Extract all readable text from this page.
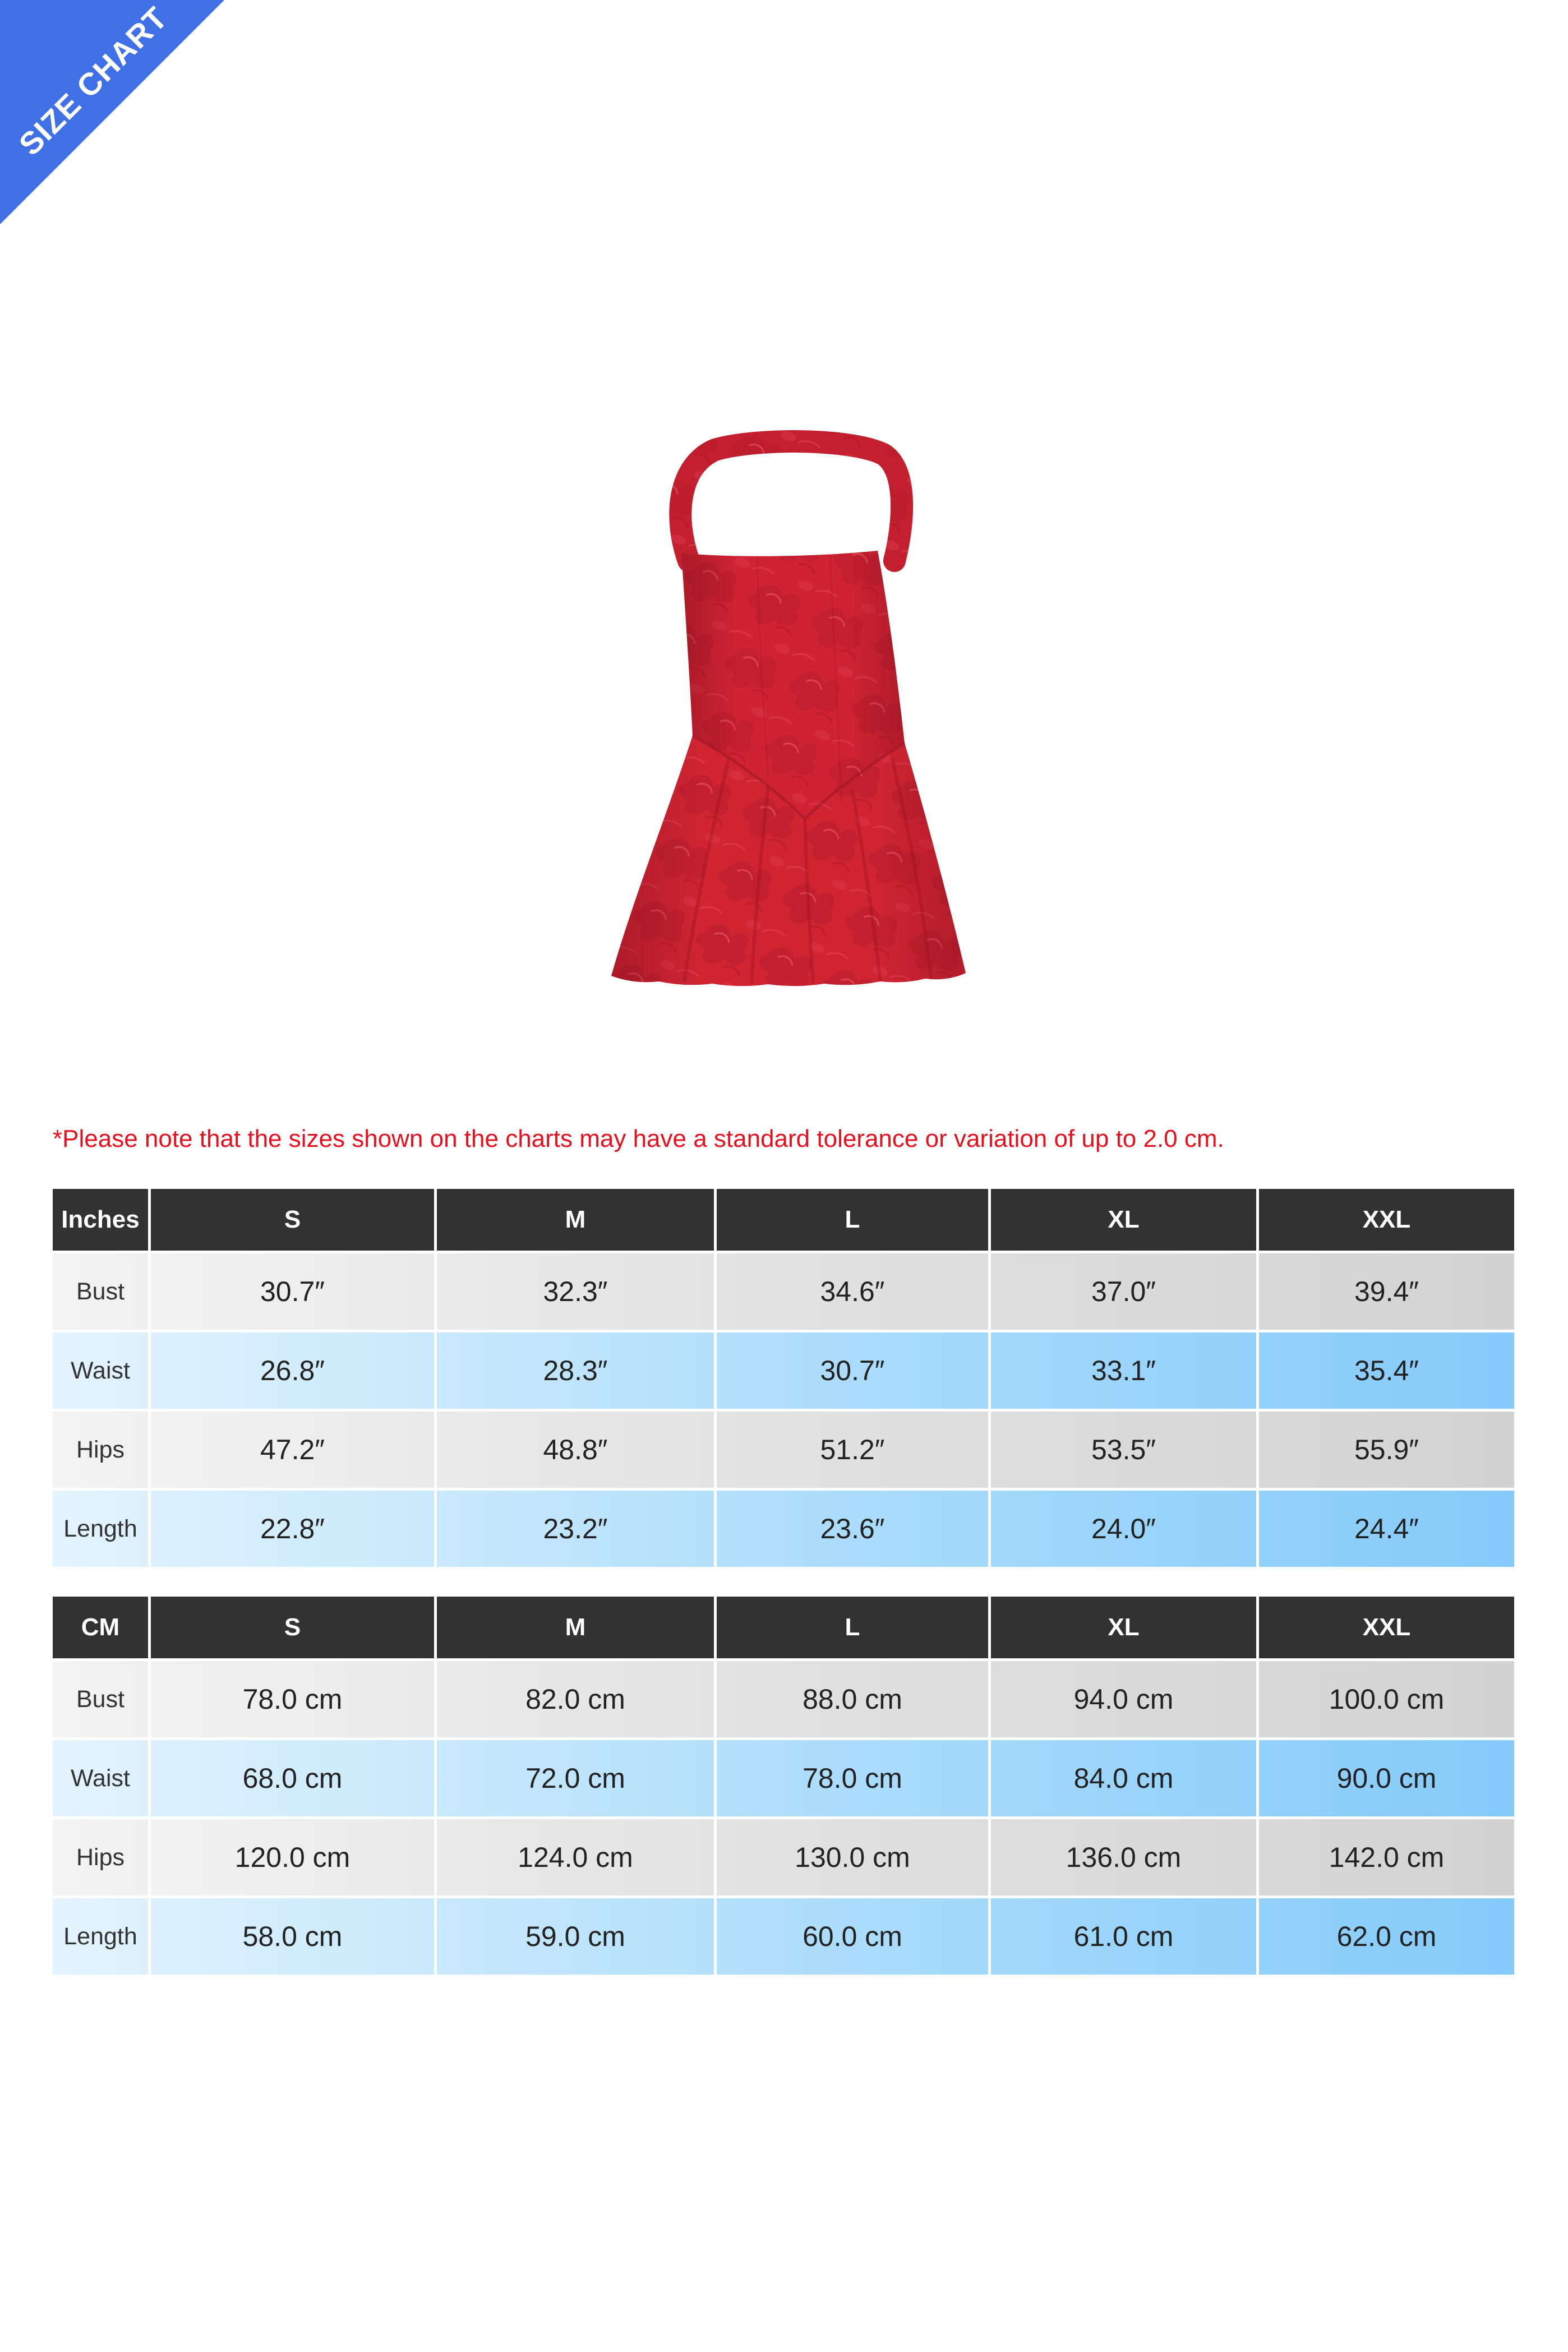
SIZE CHART
*Please note that the sizes shown on the charts may have a standard tolerance or variation of up to 2.0 cm.
Inches	S	M	L	XL	XXL
Bust	30.7″	32.3″	34.6″	37.0″	39.4″
Waist	26.8″	28.3″	30.7″	33.1″	35.4″
Hips	47.2″	48.8″	51.2″	53.5″	55.9″
Length	22.8″	23.2″	23.6″	24.0″	24.4″
CM	S	M	L	XL	XXL
Bust	78.0 cm	82.0 cm	88.0 cm	94.0 cm	100.0 cm
Waist	68.0 cm	72.0 cm	78.0 cm	84.0 cm	90.0 cm
Hips	120.0 cm	124.0 cm	130.0 cm	136.0 cm	142.0 cm
Length	58.0 cm	59.0 cm	60.0 cm	61.0 cm	62.0 cm
